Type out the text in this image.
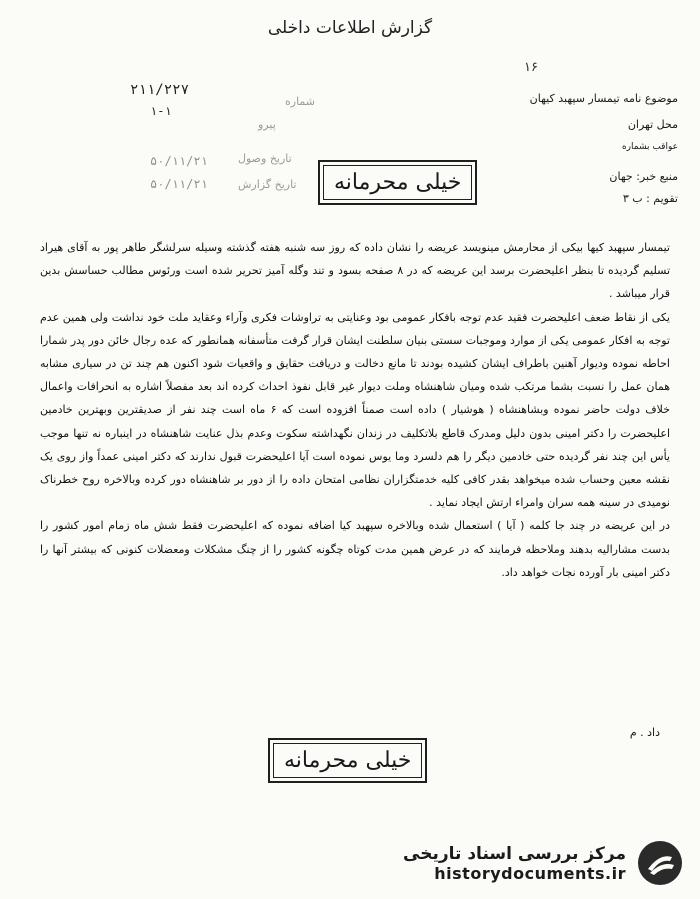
گزارش اطلاعات داخلی
۲۱۱/۲۲۷
۱-۱
۵۰/۱۱/۲۱
۵۰/۱۱/۲۱
شماره
پیرو
تاریخ وصول
تاریخ گزارش	خیلی محرمانه
۱۶
موضوع نامه تیمسار سپهبد کیهان
محل تهران
عواقب بشماره
منبع خبر: جهان
تقویم : ب ۳

تیمسار سپهبد کیها بیکی از محارمش مینویسد عریضه را نشان داده که روز سه شنبه هفته گذشته وسیله سرلشگر طاهر پور به آقای هیراد تسلیم گردیده تا بنظر اعلیحضرت برسد این عریضه که در ۸ صفحه بسود و تند وگله آمیز تحریر شده است ورئوس مطالب حساسش بدین قرار میباشد .

یکی از نقاط ضعف اعلیحضرت فقید عدم توجه بافکار عمومی بود وعنایتی به تراوشات فکری وآراء وعقاید ملت خود نداشت ولی همین عدم توجه به افکار عمومی یکی از موارد وموجبات سستی بنیان سلطنت ایشان قرار گرفت متأسفانه همانطور که عده رجال خائن دور پدر شمارا احاطه نموده ودیوار آهنین باطراف ایشان کشیده بودند تا مانع دخالت و دریافت حقایق و واقعیات شود اکنون هم چند تن در سیاری مشابه همان عمل را نسبت بشما مرتکب شده ومیان شاهنشاه وملت دیوار غیر قابل نفوذ احداث کرده اند بعد مفصلاً اشاره به انحرافات واعمال خلاف دولت حاضر نموده وبشاهنشاه ( هوشیار ) داده است صمناً افزوده است که ۶ ماه است چند نفر از صدیقترین وبهترین خادمین اعلیحضرت را دکتر امینی بدون دلیل ومدرک قاطع بلاتکلیف در زندان نگهداشته سکوت وعدم بذل عنایت شاهنشاه در اینباره نه تنها موجب یأس این چند نفر گردیده حتی خادمین دیگر را هم دلسرد وما یوس نموده است آیا اعلیحضرت قبول ندارند که دکتر امینی عمداً واز روی یک نقشه معین وحساب شده میخواهد بقدر کافی کلیه خدمتگزاران نظامی امتحان داده را از دور بر شاهنشاه دور کرده وبالاخره روح خطرناک نومیدی در سینه همه سران وامراء ارتش ایجاد نماید .

در این عریضه در چند جا کلمه ( آیا ) استعمال شده وبالاخره سپهبد کیا اضافه نموده که اعلیحضرت فقط شش ماه زمام امور کشور را بدست مشارالیه بدهند وملاحظه فرمایند که در عرض همین مدت کوتاه چگونه کشور را از چنگ مشکلات ومعضلات کنونی که بیشتر آنها را دکتر امینی بار آورده نجات خواهد داد.

داد . م
خیلی محرمانه
مرکز بررسی اسناد تاریخی
historydocuments.ir
